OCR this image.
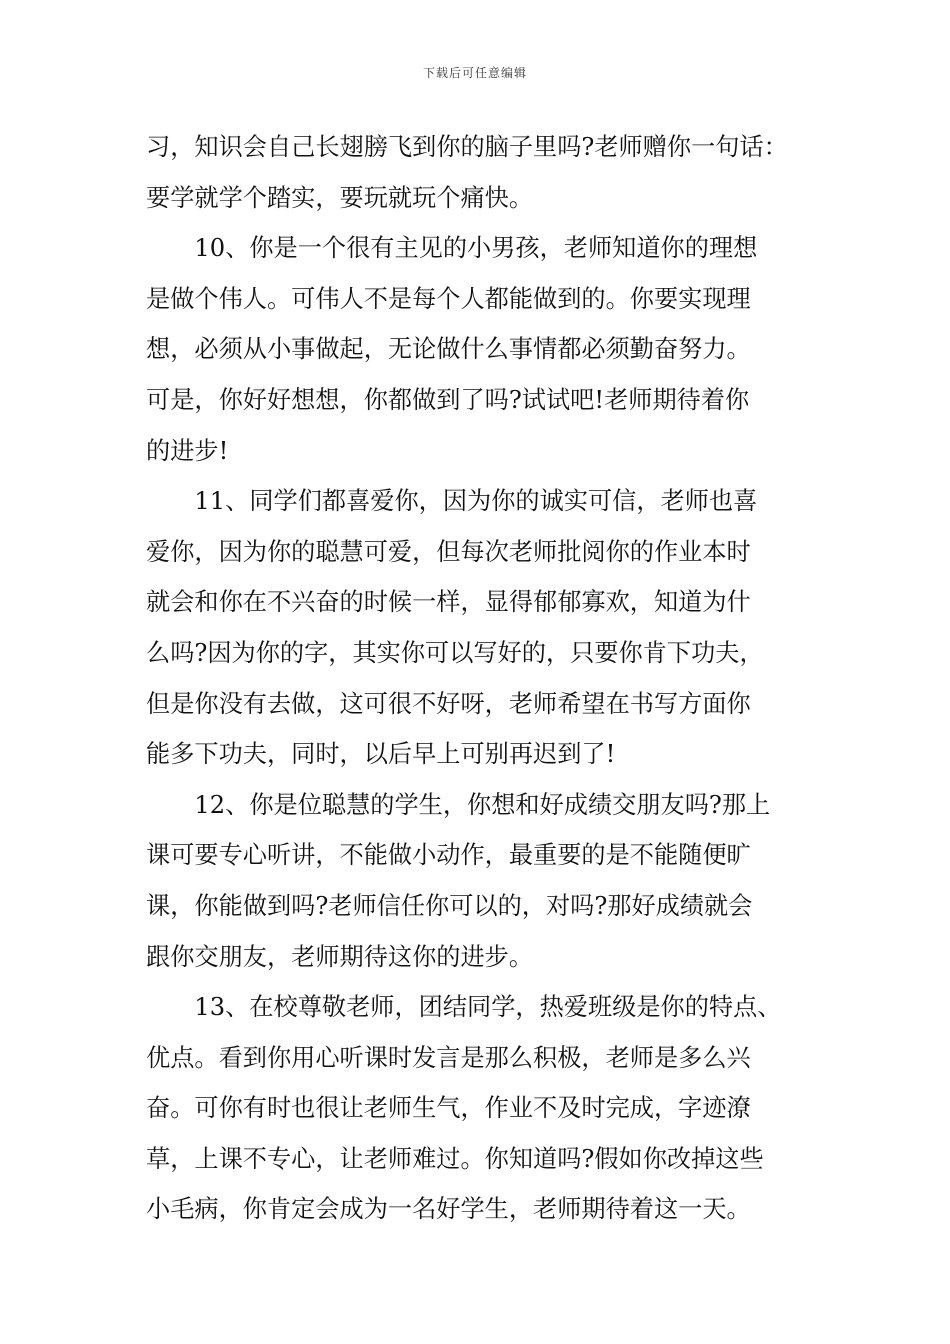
下载后可任意编辑
习，知识会自己长翅膀飞到你的脑子里吗?老师赠你一句话：
要学就学个踏实，要玩就玩个痛快。
　　10、你是一个很有主见的小男孩，老师知道你的理想
是做个伟人。可伟人不是每个人都能做到的。你要实现理
想，必须从小事做起，无论做什么事情都必须勤奋努力。
可是，你好好想想，你都做到了吗?试试吧!老师期待着你
的进步!
　　11、同学们都喜爱你，因为你的诚实可信，老师也喜
爱你，因为你的聪慧可爱，但每次老师批阅你的作业本时
就会和你在不兴奋的时候一样，显得郁郁寡欢，知道为什
么吗?因为你的字，其实你可以写好的，只要你肯下功夫，
但是你没有去做，这可很不好呀，老师希望在书写方面你
能多下功夫，同时，以后早上可别再迟到了!
　　12、你是位聪慧的学生，你想和好成绩交朋友吗?那上
课可要专心听讲，不能做小动作，最重要的是不能随便旷
课，你能做到吗?老师信任你可以的，对吗?那好成绩就会
跟你交朋友，老师期待这你的进步。
　　13、在校尊敬老师，团结同学，热爱班级是你的特点、
优点。看到你用心听课时发言是那么积极，老师是多么兴
奋。可你有时也很让老师生气，作业不及时完成，字迹潦
草，上课不专心，让老师难过。你知道吗?假如你改掉这些
小毛病，你肯定会成为一名好学生，老师期待着这一天。
